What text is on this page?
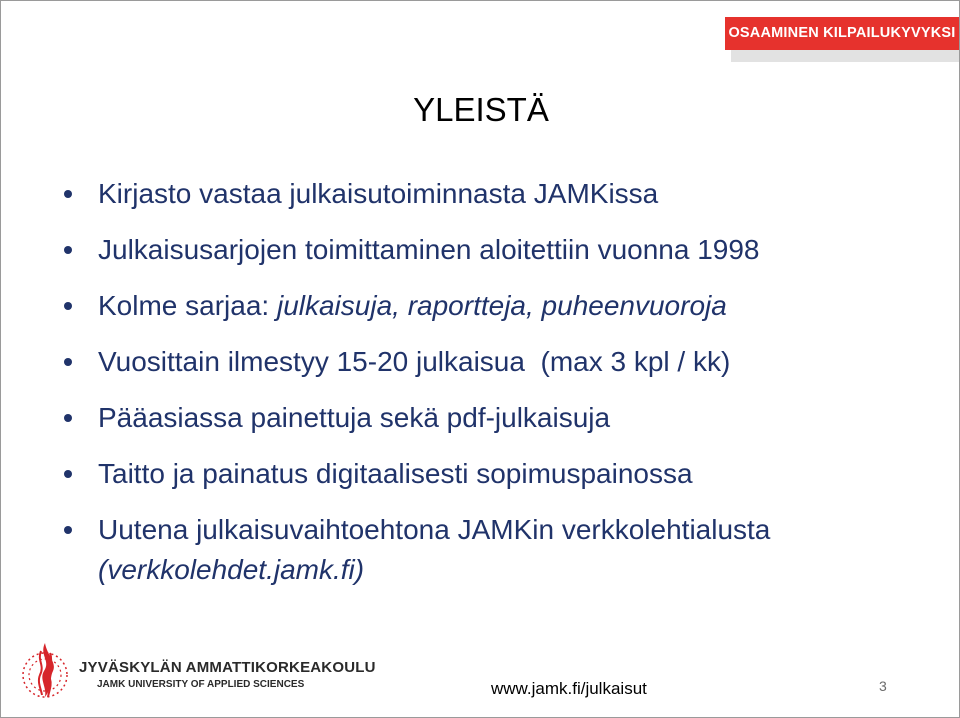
OSAAMINEN KILPAILUKYVYKSI
YLEISTÄ
Kirjasto vastaa julkaisutoiminnasta JAMKissa
Julkaisusarjojen toimittaminen aloitettiin vuonna 1998
Kolme sarjaa: julkaisuja, raportteja, puheenvuoroja
Vuosittain ilmestyy 15-20 julkaisua  (max 3 kpl / kk)
Pääasiassa painettuja sekä pdf-julkaisuja
Taitto ja painatus digitaalisesti sopimuspainossa
Uutena julkaisuvaihtoehtona JAMKin verkkolehtialusta (verkkolehdet.jamk.fi)
JYVÄSKYLÄN AMMATTIKORKEAKOULU
JAMK UNIVERSITY OF APPLIED SCIENCES	www.jamk.fi/julkaisut	3
